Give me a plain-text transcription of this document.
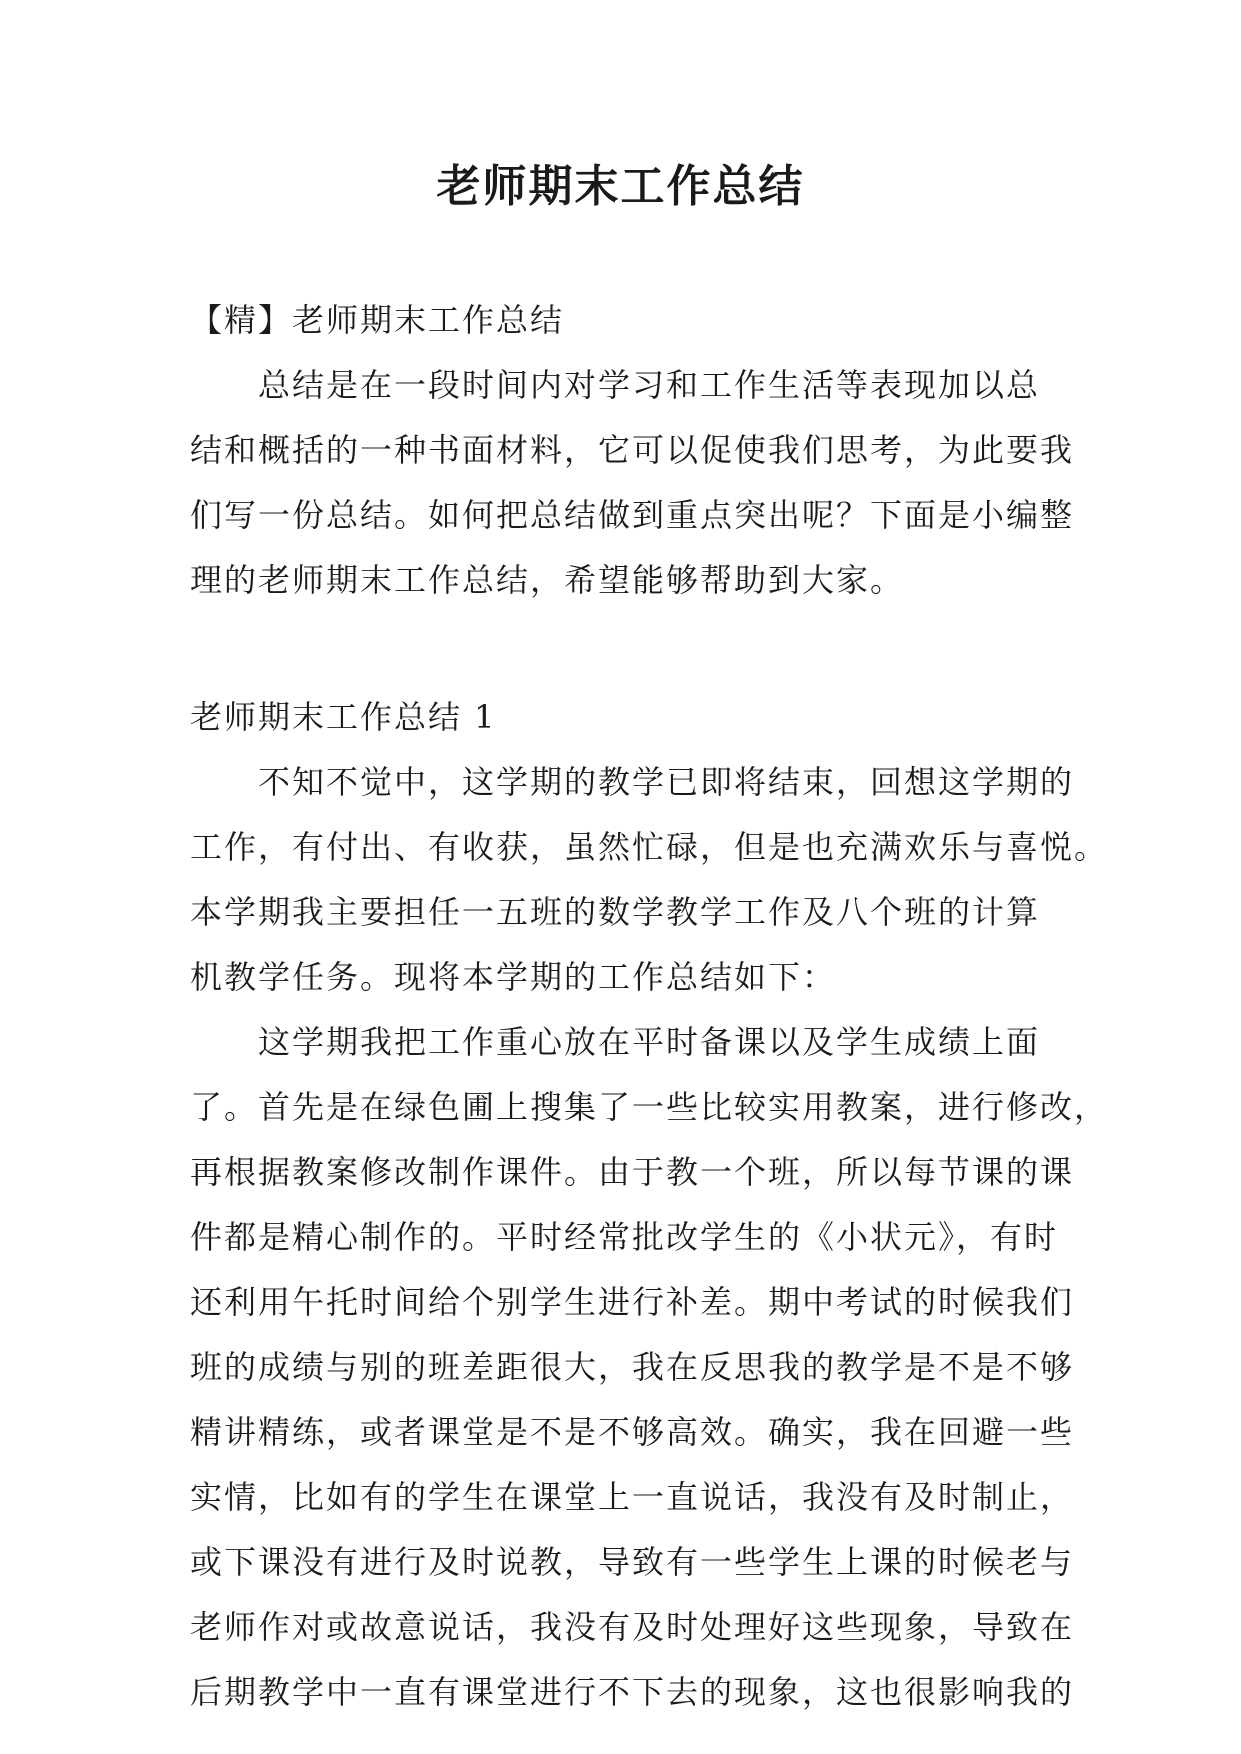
老师期末工作总结
【精】老师期末工作总结
总结是在一段时间内对学习和工作生活等表现加以总
结和概括的一种书面材料，它可以促使我们思考，为此要我
们写一份总结。如何把总结做到重点突出呢？下面是小编整
理的老师期末工作总结，希望能够帮助到大家。
老师期末工作总结 1
不知不觉中，这学期的教学已即将结束，回想这学期的
工作，有付出、有收获，虽然忙碌，但是也充满欢乐与喜悦。
本学期我主要担任一五班的数学教学工作及八个班的计算
机教学任务。现将本学期的工作总结如下：
这学期我把工作重心放在平时备课以及学生成绩上面
了。首先是在绿色圃上搜集了一些比较实用教案，进行修改，
再根据教案修改制作课件。由于教一个班，所以每节课的课
件都是精心制作的。平时经常批改学生的《小状元》，有时
还利用午托时间给个别学生进行补差。期中考试的时候我们
班的成绩与别的班差距很大，我在反思我的教学是不是不够
精讲精练，或者课堂是不是不够高效。确实，我在回避一些
实情，比如有的学生在课堂上一直说话，我没有及时制止，
或下课没有进行及时说教，导致有一些学生上课的时候老与
老师作对或故意说话，我没有及时处理好这些现象，导致在
后期教学中一直有课堂进行不下去的现象，这也很影响我的
